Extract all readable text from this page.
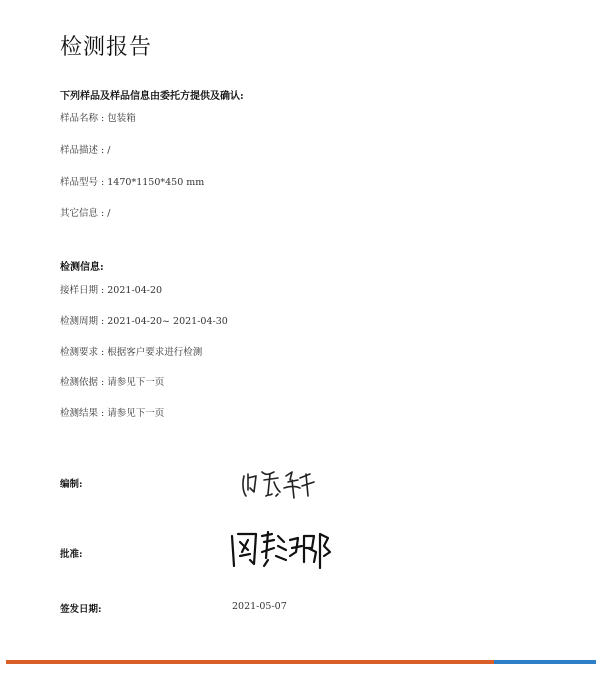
检测报告
下列样品及样品信息由委托方提供及确认:
样品名称 : 包装箱
样品描述 : /
样品型号 : 1470*1150*450 mm
其它信息 : /
检测信息:
接样日期 : 2021-04-20
检测周期 : 2021-04-20~ 2021-04-30
检测要求 : 根据客户要求进行检测
检测依据 : 请参见下一页
检测结果 : 请参见下一页
编制:
批准:
签发日期:	2021-05-07
